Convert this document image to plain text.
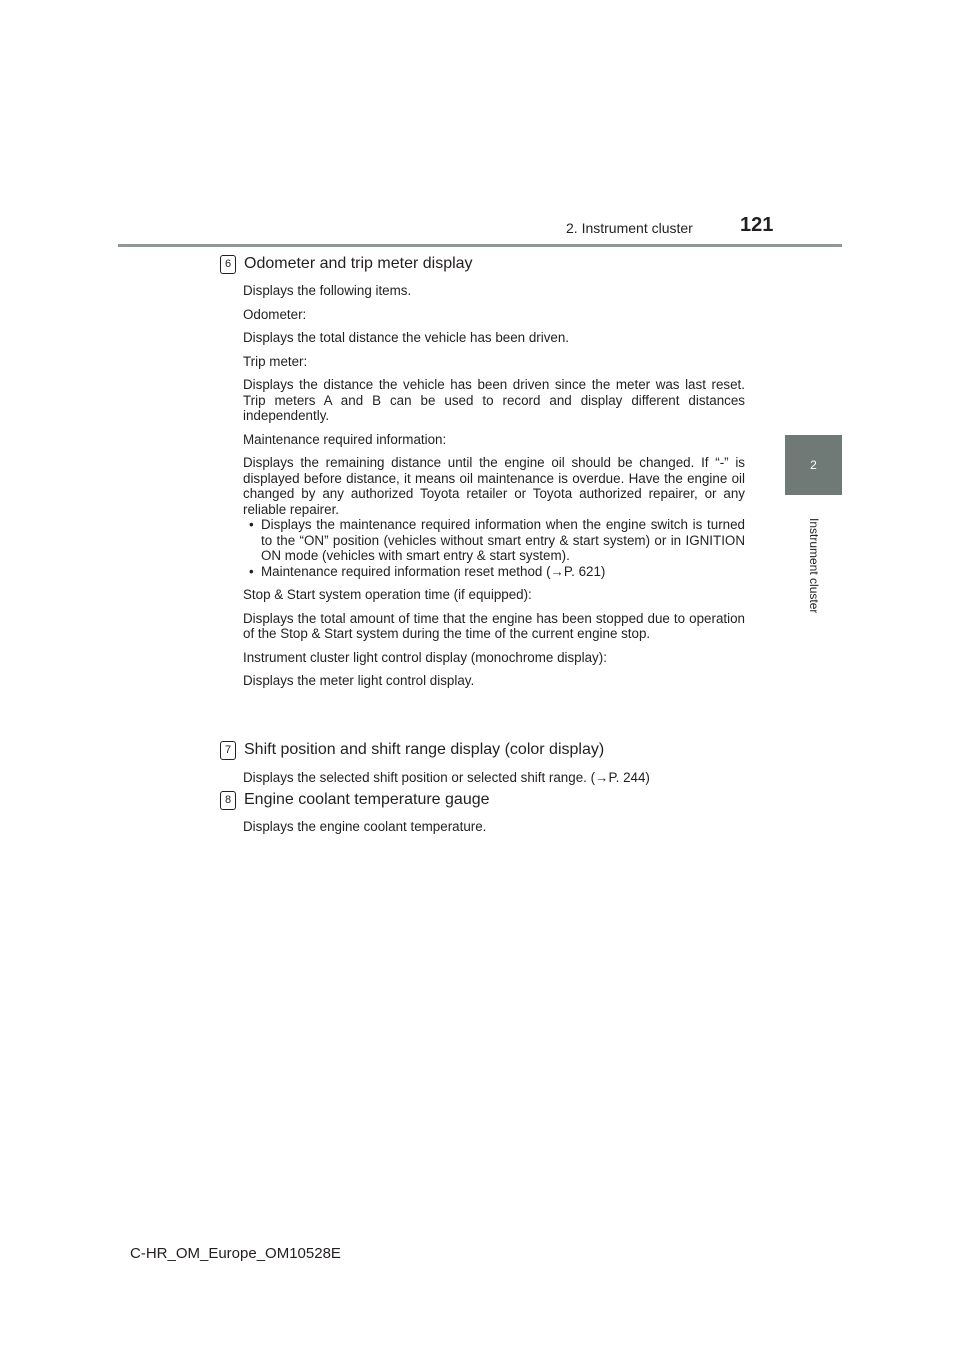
2. Instrument cluster 121
2
Instrument cluster
6 Odometer and trip meter display

Displays the following items.

Odometer:

Displays the total distance the vehicle has been driven.

Trip meter:

Displays the distance the vehicle has been driven since the meter was last reset. Trip meters A and B can be used to record and display different distances independently.

Maintenance required information:

Displays the remaining distance until the engine oil should be changed. If “-” is displayed before distance, it means oil maintenance is overdue. Have the engine oil changed by any authorized Toyota retailer or Toyota authorized repairer, or any reliable repairer.

• Displays the maintenance required information when the engine switch is turned to the “ON” position (vehicles without smart entry & start system) or in IGNITION ON mode (vehicles with smart entry & start system).
• Maintenance required information reset method (→P. 621)

Stop & Start system operation time (if equipped):

Displays the total amount of time that the engine has been stopped due to operation of the Stop & Start system during the time of the current engine stop.

Instrument cluster light control display (monochrome display):

Displays the meter light control display.

7 Shift position and shift range display (color display)

Displays the selected shift position or selected shift range. (→P. 244)

8 Engine coolant temperature gauge

Displays the engine coolant temperature.

C-HR_OM_Europe_OM10528E
